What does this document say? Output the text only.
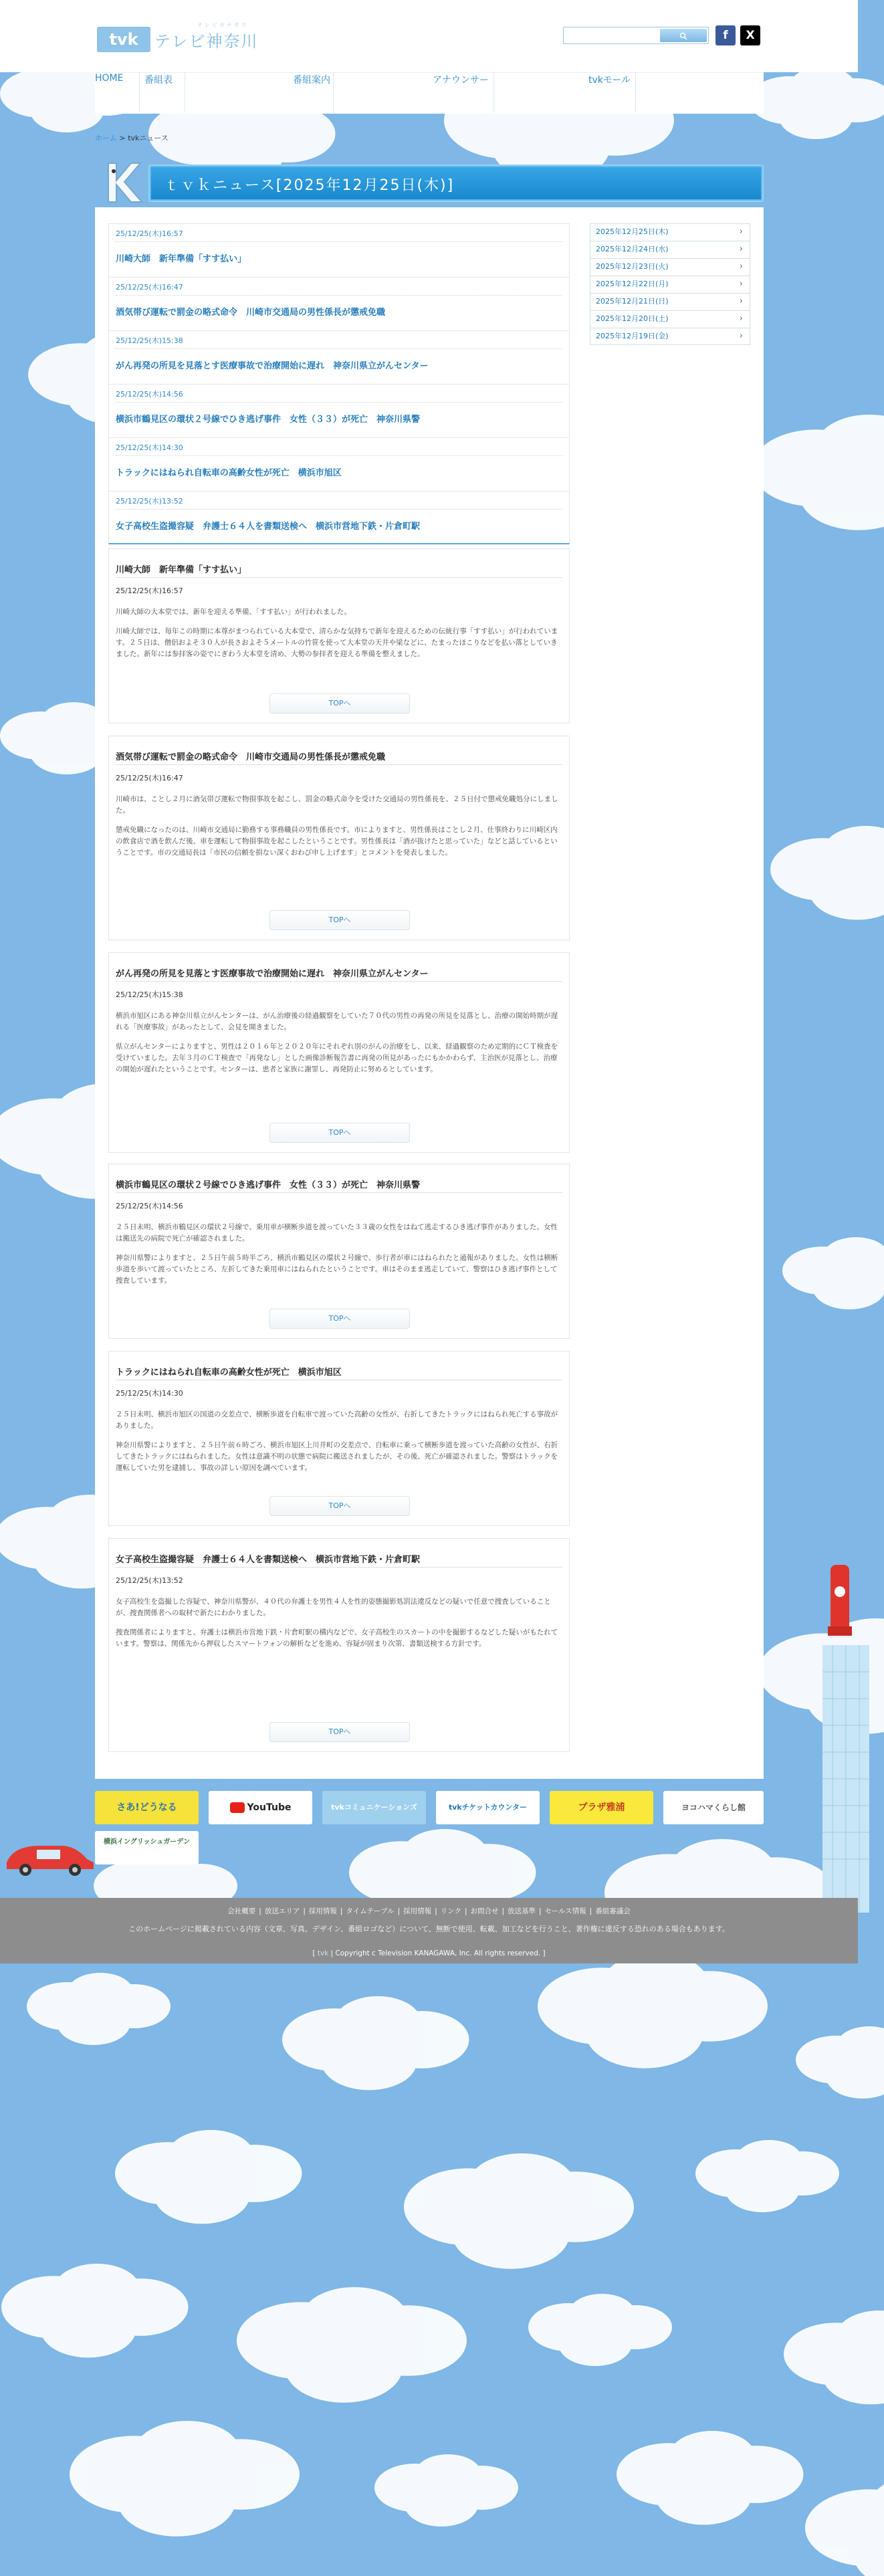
tvk	テレビ神奈川
テレビカナガワ
f	X
HOME 番組表	番組案内	アナウンサー	tvkモール
ホーム > tvkニュース
ｔｖｋニュース[2025年12月25日(木)]
25/12/25(木)16:57
川崎大師　新年準備「すす払い」
25/12/25(木)16:47
酒気帯び運転で罰金の略式命令　川崎市交通局の男性係長が懲戒免職
25/12/25(木)15:38
がん再発の所見を見落とす医療事故で治療開始に遅れ　神奈川県立がんセンター
25/12/25(木)14:56
横浜市鶴見区の環状２号線でひき逃げ事件　女性（３３）が死亡　神奈川県警
25/12/25(木)14:30
トラックにはねられ自転車の高齢女性が死亡　横浜市旭区
25/12/25(木)13:52
女子高校生盗撮容疑　弁護士６４人を書類送検へ　横浜市営地下鉄・片倉町駅
2025年12月25日(木)	›
2025年12月24日(水)	›
2025年12月23日(火)	›
2025年12月22日(月)	›
2025年12月21日(日)	›
2025年12月20日(土)	›
2025年12月19日(金)	›
川崎大師　新年準備「すす払い」
25/12/25(木)16:57

川崎大師の大本堂では、新年を迎える準備、「すす払い」が行われました。

川崎大師では、毎年この時期に本尊がまつられている大本堂で、清らかな気持ちで新年を迎えるための伝統行事「すす払い」が行われています。２５日は、僧侶およそ３０人が長さおよそ５メートルの竹笹を使って大本堂の天井や梁などに、たまったほこりなどを払い落としていきました。新年には参拝客の姿でにぎわう大本堂を清め、大勢の参拝者を迎える準備を整えました。

TOPへ
酒気帯び運転で罰金の略式命令　川崎市交通局の男性係長が懲戒免職
25/12/25(木)16:47

川崎市は、ことし２月に酒気帯び運転で物損事故を起こし、罰金の略式命令を受けた交通局の男性係長を、２５日付で懲戒免職処分にしました。

懲戒免職になったのは、川崎市交通局に勤務する事務職員の男性係長です。市によりますと、男性係長はことし２月、仕事終わりに川崎区内の飲食店で酒を飲んだ後、車を運転して物損事故を起こしたということです。男性係長は「酒が抜けたと思っていた」などと話しているということです。市の交通局長は「市民の信頼を損ない深くおわび申し上げます」とコメントを発表しました。

TOPへ
がん再発の所見を見落とす医療事故で治療開始に遅れ　神奈川県立がんセンター
25/12/25(木)15:38

横浜市旭区にある神奈川県立がんセンターは、がん治療後の経過観察をしていた７０代の男性の再発の所見を見落とし、治療の開始時期が遅れる「医療事故」があったとして、会見を開きました。

県立がんセンターによりますと、男性は２０１６年と２０２０年にそれぞれ別のがんの治療をし、以来、経過観察のため定期的にＣＴ検査を受けていました。去年３月のＣＴ検査で「再発なし」とした画像診断報告書に再発の所見があったにもかかわらず、主治医が見落とし、治療の開始が遅れたということです。センターは、患者と家族に謝罪し、再発防止に努めるとしています。

TOPへ
横浜市鶴見区の環状２号線でひき逃げ事件　女性（３３）が死亡　神奈川県警
25/12/25(木)14:56

２５日未明、横浜市鶴見区の環状２号線で、乗用車が横断歩道を渡っていた３３歳の女性をはねて逃走するひき逃げ事件がありました。女性は搬送先の病院で死亡が確認されました。

神奈川県警によりますと、２５日午前５時半ごろ、横浜市鶴見区の環状２号線で、歩行者が車にはねられたと通報がありました。女性は横断歩道を歩いて渡っていたところ、左折してきた乗用車にはねられたということです。車はそのまま逃走していて、警察はひき逃げ事件として捜査しています。

TOPへ
トラックにはねられ自転車の高齢女性が死亡　横浜市旭区
25/12/25(木)14:30

２５日未明、横浜市旭区の国道の交差点で、横断歩道を自転車で渡っていた高齢の女性が、右折してきたトラックにはねられ死亡する事故がありました。

神奈川県警によりますと、２５日午前６時ごろ、横浜市旭区上川井町の交差点で、自転車に乗って横断歩道を渡っていた高齢の女性が、右折してきたトラックにはねられました。女性は意識不明の状態で病院に搬送されましたが、その後、死亡が確認されました。警察はトラックを運転していた男を逮捕し、事故の詳しい原因を調べています。

TOPへ
女子高校生盗撮容疑　弁護士６４人を書類送検へ　横浜市営地下鉄・片倉町駅
25/12/25(木)13:52

女子高校生を盗撮した容疑で、神奈川県警が、４０代の弁護士を男性４人を性的姿態撮影処罰法違反などの疑いで任意で捜査していることが、捜査関係者への取材で新たにわかりました。

捜査関係者によりますと、弁護士は横浜市営地下鉄・片倉町駅の構内などで、女子高校生のスカートの中を撮影するなどした疑いがもたれています。警察は、関係先から押収したスマートフォンの解析などを進め、容疑が固まり次第、書類送検する方針です。

TOPへ
さあ!どうなる	YouTube	tvkコミュニケーションズ	tvkチケットカウンター	プラザ雅浦	ヨコハマくらし館
横浜イングリッシュガーデン
会社概要 | 放送エリア | 採用情報 | タイムテーブル | 採用情報 | リンク | お問合せ | 放送基準 | セールス情報 | 番組審議会
このホームページに掲載されている内容（文章、写真、デザイン、番組ロゴなど）について、無断で使用、転載、加工などを行うこと、著作権に違反する恐れのある場合もあります。
[ tvk | Copyright c Television KANAGAWA, Inc. All rights reserved. ]
